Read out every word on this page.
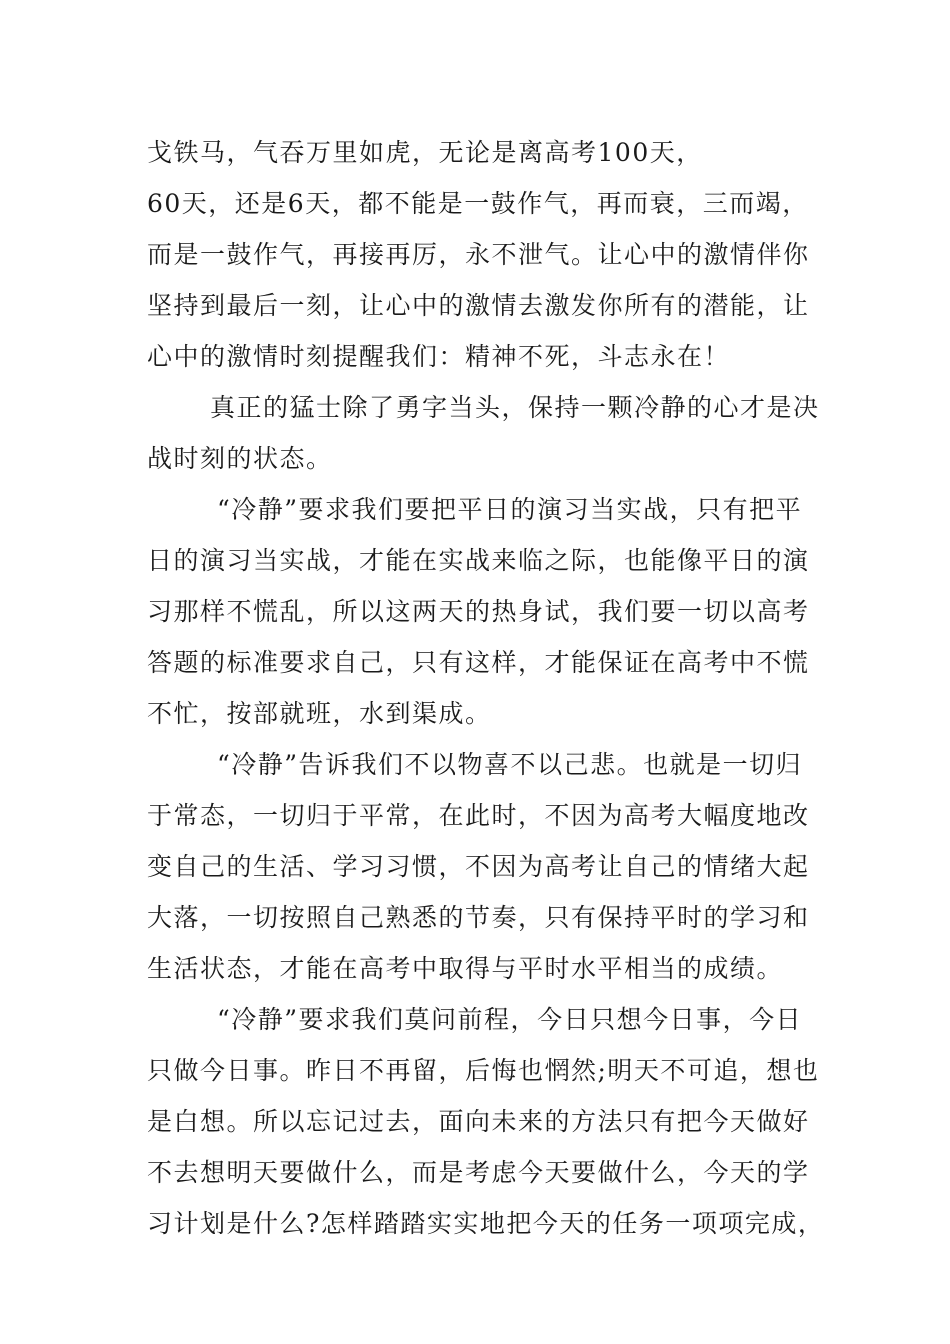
戈铁马，气吞万里如虎，无论是离高考100天，
60天，还是6天，都不能是一鼓作气，再而衰，三而竭，
而是一鼓作气，再接再厉，永不泄气。让心中的激情伴你
坚持到最后一刻，让心中的激情去激发你所有的潜能，让
心中的激情时刻提醒我们：精神不死，斗志永在！
真正的猛士除了勇字当头，保持一颗冷静的心才是决
战时刻的状态。
“冷静”要求我们要把平日的演习当实战，只有把平
日的演习当实战，才能在实战来临之际，也能像平日的演
习那样不慌乱，所以这两天的热身试，我们要一切以高考
答题的标准要求自己，只有这样，才能保证在高考中不慌
不忙，按部就班，水到渠成。
“冷静”告诉我们不以物喜不以己悲。也就是一切归
于常态，一切归于平常，在此时，不因为高考大幅度地改
变自己的生活、学习习惯，不因为高考让自己的情绪大起
大落，一切按照自己熟悉的节奏，只有保持平时的学习和
生活状态，才能在高考中取得与平时水平相当的成绩。
“冷静”要求我们莫问前程，今日只想今日事，今日
只做今日事。昨日不再留，后悔也惘然;明天不可追，想也
是白想。所以忘记过去，面向未来的方法只有把今天做好
不去想明天要做什么，而是考虑今天要做什么，今天的学
习计划是什么?怎样踏踏实实地把今天的任务一项项完成，
